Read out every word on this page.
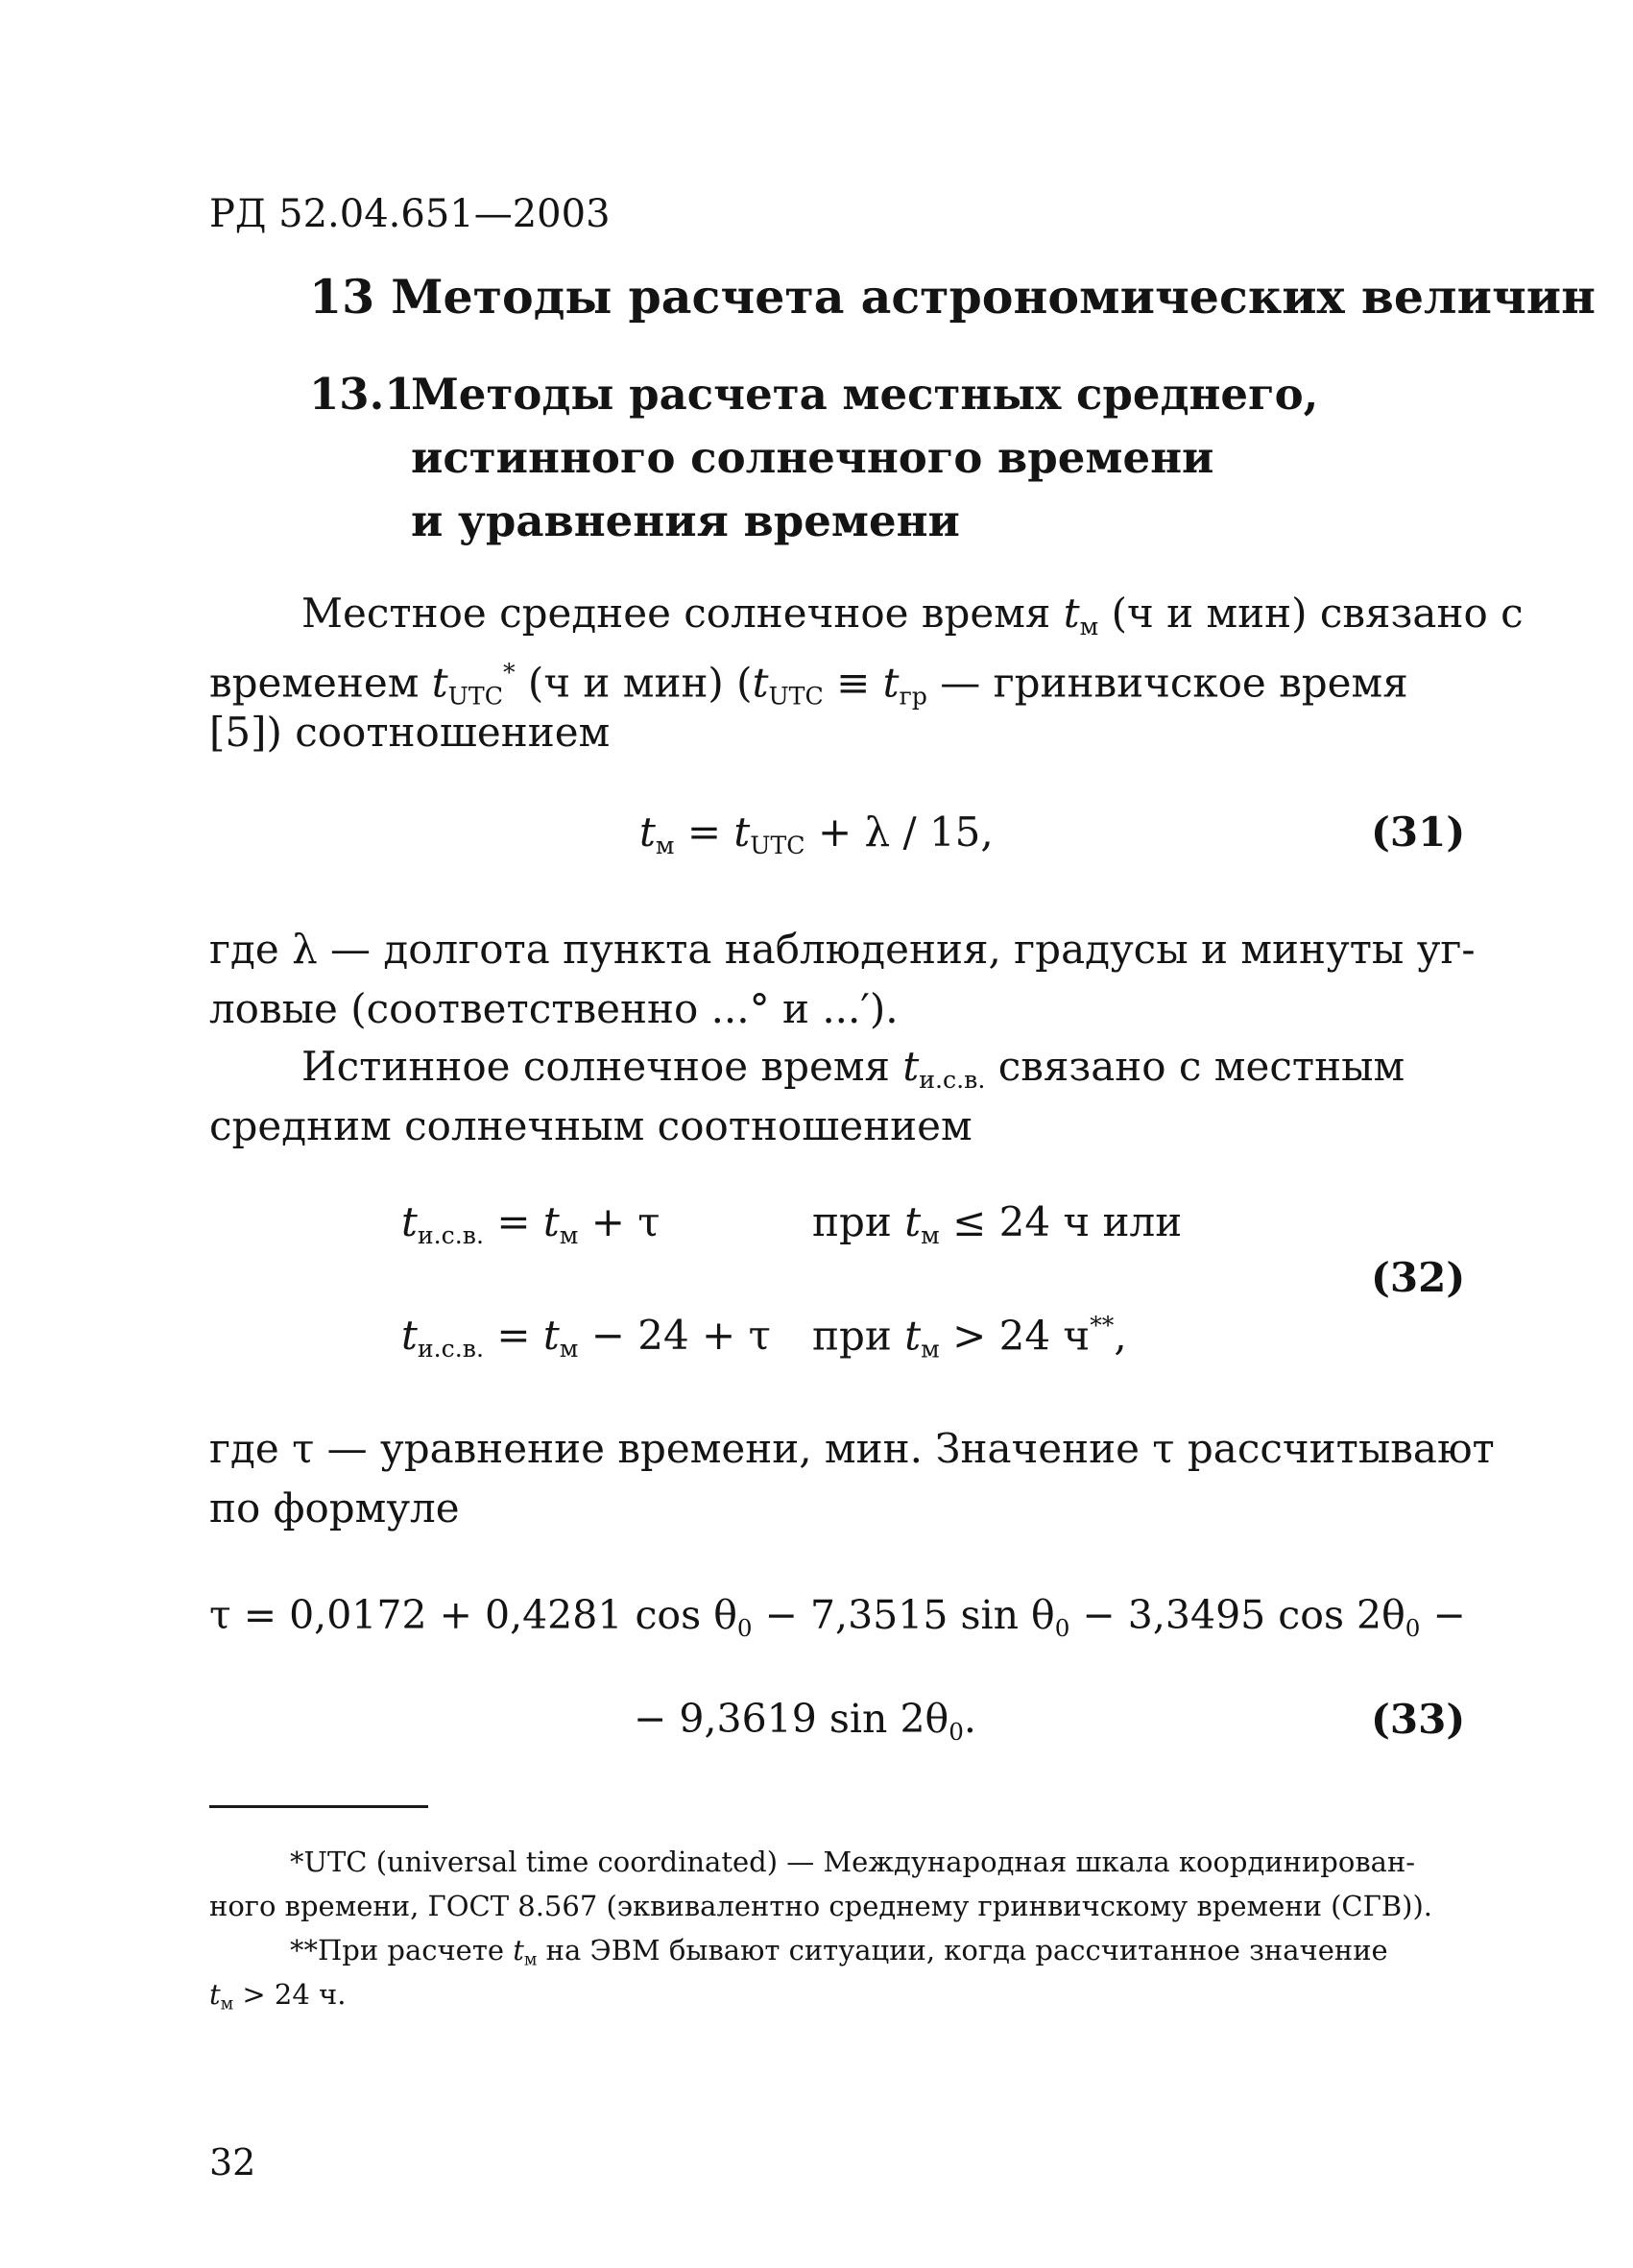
РД 52.04.651—2003
13 Методы расчета астрономических величин
13.1
Методы расчета местных среднего,
истинного солнечного времени
и уравнения времени
Местное среднее солнечное время $t_м$ (ч и мин) связано с
временем $t_{UTC}^*$ (ч и мин) ($t_{UTC} \equiv t_{гр}$ — гринвичское время
[5]) соотношением
$t_м = t_{UTC} + \lambda / 15$,	(31)
где λ — долгота пункта наблюдения, градусы и минуты уг-
ловые (соответственно ...° и ...′).
Истинное солнечное время $t_{и.с.в.}$ связано с местным
средним солнечным соотношением
$t_{и.с.в.} = t_м + \tau$	при $t_м \le 24$ ч или
$t_{и.с.в.} = t_м - 24 + \tau$ при $t_м > 24$ ч**,
(32)
где τ — уравнение времени, мин. Значение τ рассчитывают
по формуле
τ = 0,0172 + 0,4281 $\cos \theta_0 - 7,3515$ $\sin \theta_0 - 3,3495$ $\cos 2\theta_0$ −
− 9,3619 $\sin 2\theta_0$.	(33)
*UTC (universal time coordinated) — Международная шкала координирован-
ного времени, ГОСТ 8.567 (эквивалентно среднему гринвичскому времени (СГВ)).
**При расчете $t_м$ на ЭВМ бывают ситуации, когда рассчитанное значение
$t_м > 24$ ч.
32
